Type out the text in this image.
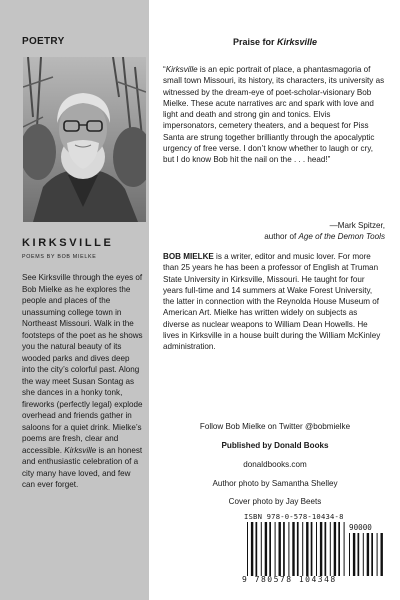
POETRY
KIRKSVILLE
POEMS BY BOB MIELKE

See Kirksville through the eyes of Bob Mielke as he explores the people and places of the unassuming college town in Northeast Missouri. Walk in the footsteps of the poet as he shows you the natural beauty of its wooded parks and dives deep into the city’s colorful past. Along the way meet Susan Sontag as she dances in a honky tonk, fireworks (perfectly legal) explode overhead and friends gather in saloons for a quiet drink. Mielke’s poems are fresh, clear and accessible. Kirksville is an honest and enthusiastic celebration of a city many have loved, and few can ever forget.

Praise for Kirksville

“Kirksville is an epic portrait of place, a phantasmagoria of small town Missouri, its history, its characters, its university as witnessed by the dream-eye of poet-scholar-visionary Bob Mielke. These acute narratives arc and spark with love and light and death and strong gin and tonics. Elvis impersonators, cemetery theaters, and a bequest for Piss Santa are strung together brilliantly through the apocalyptic urgency of free verse. I don’t know whether to laugh or cry, but I do know Bob hit the nail on the . . . head!”

—Mark Spitzer,
author of Age of the Demon Tools

BOB MIELKE is a writer, editor and music lover. For more than 25 years he has been a professor of English at Truman State University in Kirksville, Missouri. He taught for four years full-time and 14 summers at Wake Forest University, the latter in connection with the Reynolda House Museum of American Art. Mielke has written widely on subjects as diverse as nuclear weapons to William Dean Howells. He lives in Kirksville in a house built during the William McKinley administration.

Follow Bob Mielke on Twitter @bobmielke
Published by Donald Books
donaldbooks.com
Author photo by Samantha Shelley
Cover photo by Jay Beets
ISBN 978-0-578-10434-8
90000
9 780578 104348
